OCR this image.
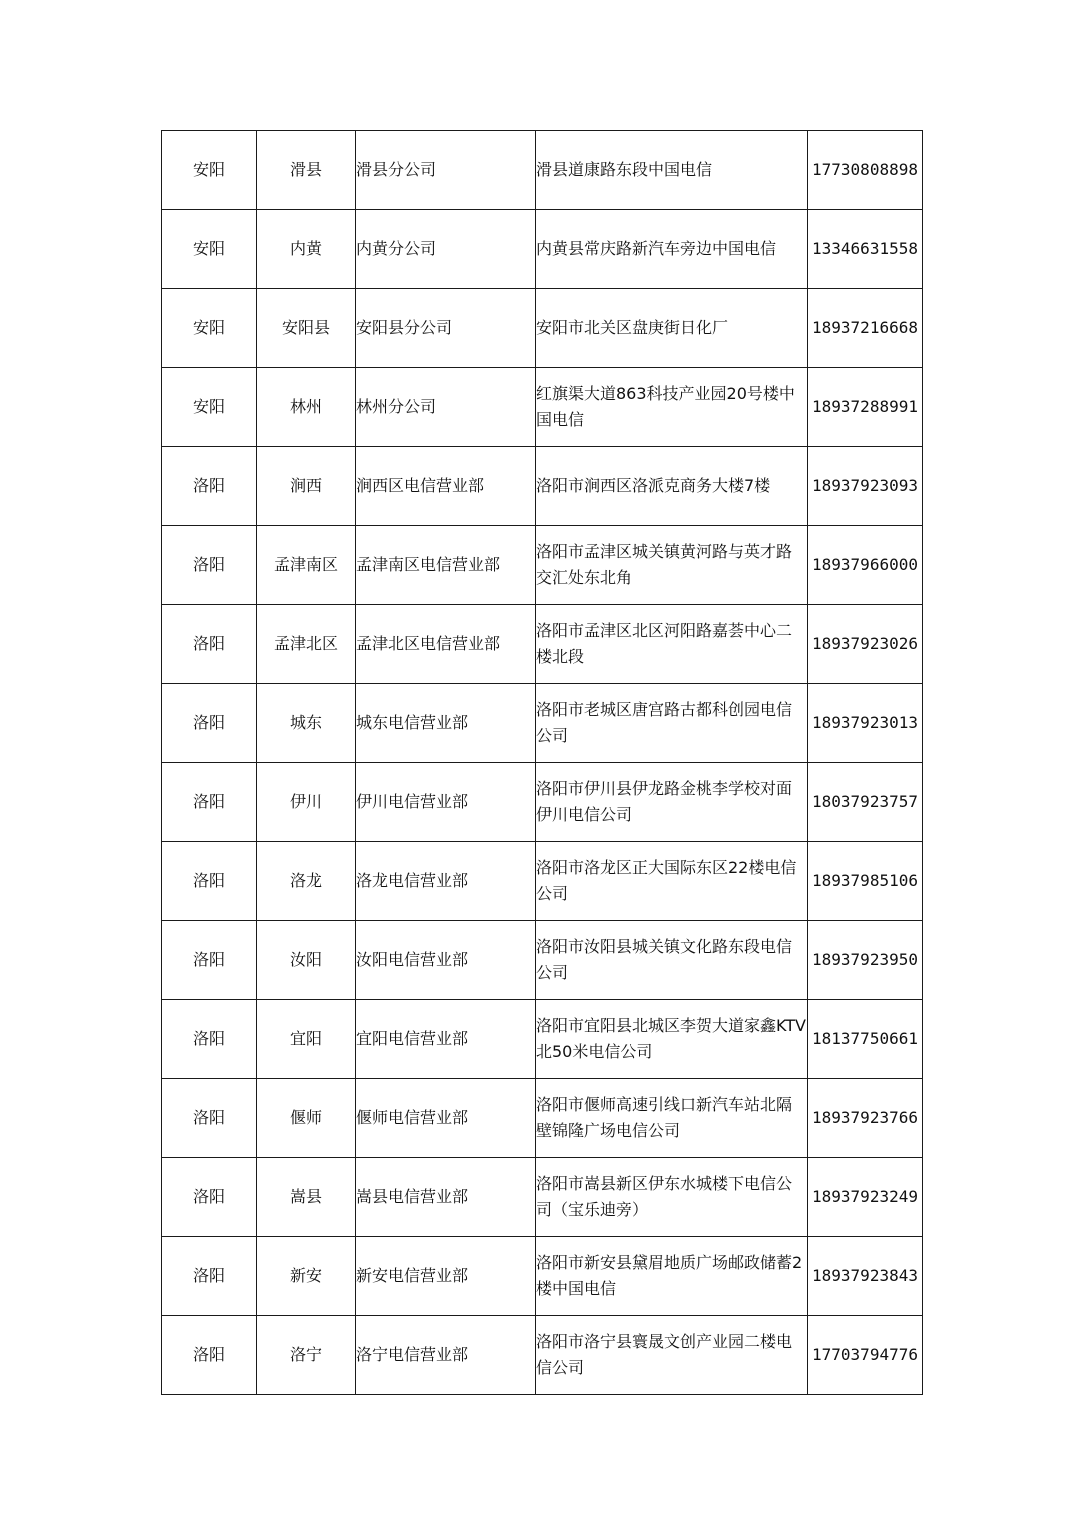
安阳	滑县	滑县分公司	滑县道康路东段中国电信	17730808898
安阳	内黄	内黄分公司	内黄县常庆路新汽车旁边中国电信	13346631558
安阳	安阳县	安阳县分公司	安阳市北关区盘庚街日化厂	18937216668
安阳	林州	林州分公司	红旗渠大道863科技产业园20号楼中国电信	18937288991
洛阳	涧西	涧西区电信营业部	洛阳市涧西区洛派克商务大楼7楼	18937923093
洛阳	孟津南区	孟津南区电信营业部	洛阳市孟津区城关镇黄河路与英才路交汇处东北角	18937966000
洛阳	孟津北区	孟津北区电信营业部	洛阳市孟津区北区河阳路嘉荟中心二楼北段	18937923026
洛阳	城东	城东电信营业部	洛阳市老城区唐宫路古都科创园电信公司	18937923013
洛阳	伊川	伊川电信营业部	洛阳市伊川县伊龙路金桃李学校对面伊川电信公司	18037923757
洛阳	洛龙	洛龙电信营业部	洛阳市洛龙区正大国际东区22楼电信公司	18937985106
洛阳	汝阳	汝阳电信营业部	洛阳市汝阳县城关镇文化路东段电信公司	18937923950
洛阳	宜阳	宜阳电信营业部	洛阳市宜阳县北城区李贺大道家鑫KTV北50米电信公司	18137750661
洛阳	偃师	偃师电信营业部	洛阳市偃师高速引线口新汽车站北隔壁锦隆广场电信公司	18937923766
洛阳	嵩县	嵩县电信营业部	洛阳市嵩县新区伊东水城楼下电信公司（宝乐迪旁）	18937923249
洛阳	新安	新安电信营业部	洛阳市新安县黛眉地质广场邮政储蓄2楼中国电信	18937923843
洛阳	洛宁	洛宁电信营业部	洛阳市洛宁县寰晟文创产业园二楼电信公司	17703794776
